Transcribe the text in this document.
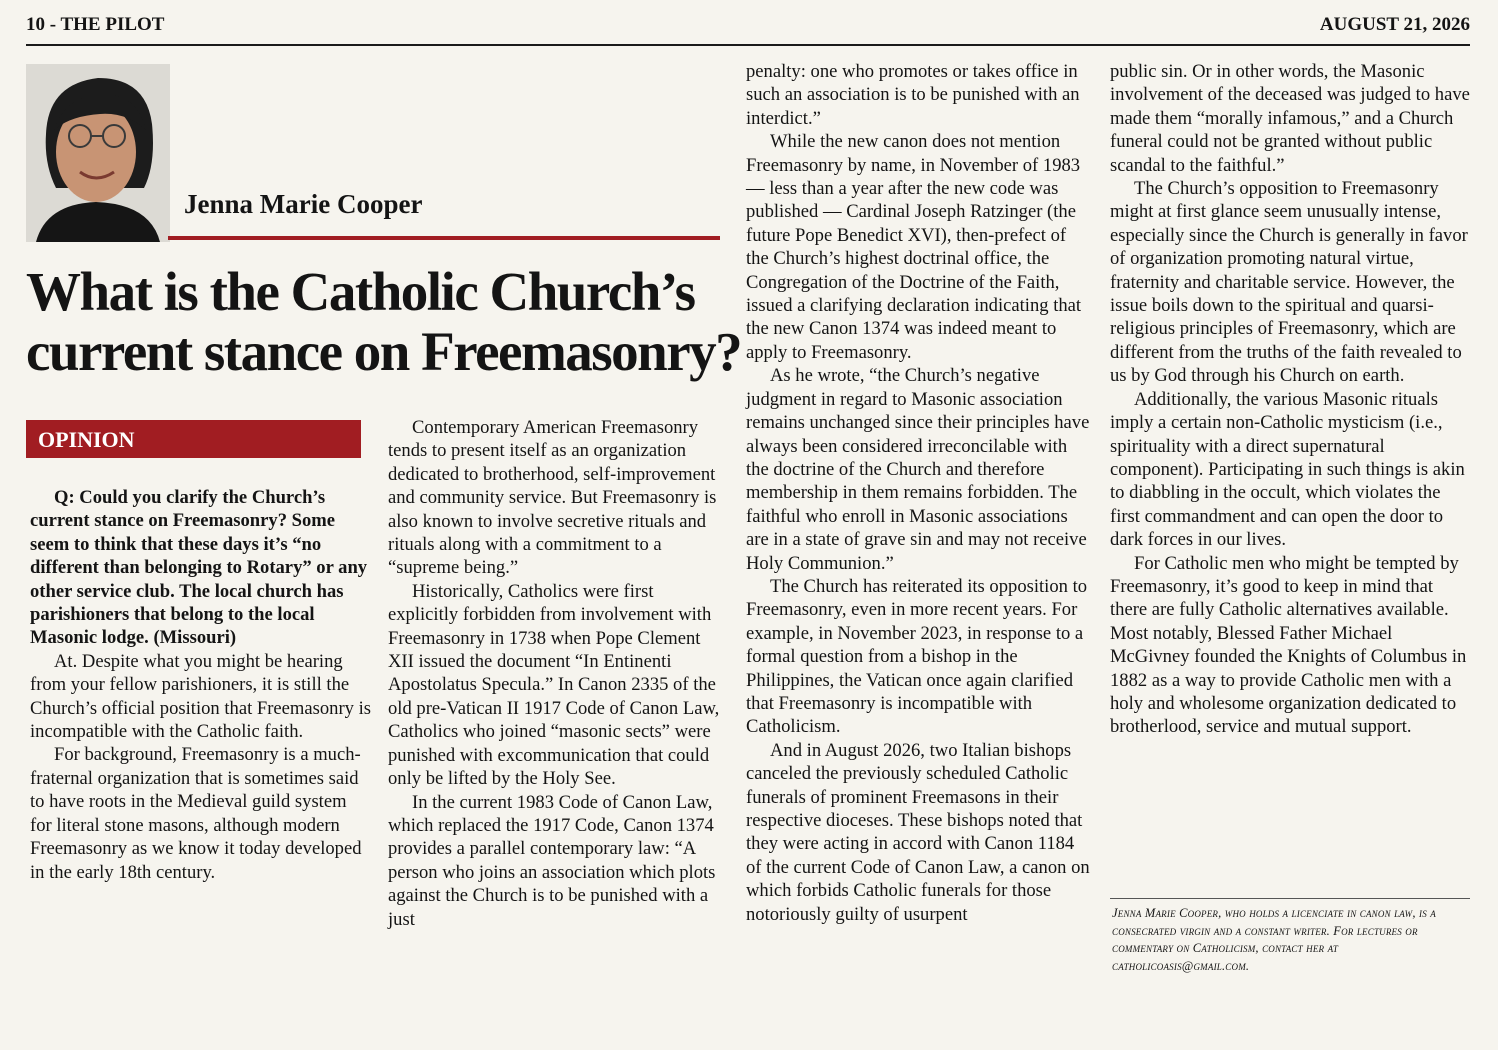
10 - THE PILOT	AUGUST 21, 2026
Jenna Marie Cooper
What is the Catholic Church’s current stance on Freemasonry?
OPINION

Q: Could you clarify the Church’s current stance on Freemasonry? Some seem to think that these days it’s “no different than belonging to Rotary” or any other service club. The local church has parishioners that belong to the local Masonic lodge. (Missouri)

At. Despite what you might be hearing from your fellow parishioners, it is still the Church’s official position that Freemasonry is incompatible with the Catholic faith.

For background, Freemasonry is a much-fraternal organization that is sometimes said to have roots in the Medieval guild system for literal stone masons, although modern Freemasonry as we know it today developed in the early 18th century.

Contemporary American Freemasonry tends to present itself as an organization dedicated to brotherhood, self-improvement and community service. But Freemasonry is also known to involve secretive rituals and rituals along with a commitment to a “supreme being.”

Historically, Catholics were first explicitly forbidden from involvement with Freemasonry in 1738 when Pope Clement XII issued the document “In Entinenti Apostolatus Specula.” In Canon 2335 of the old pre-Vatican II 1917 Code of Canon Law, Catholics who joined “masonic sects” were punished with excommunication that could only be lifted by the Holy See.

In the current 1983 Code of Canon Law, which replaced the 1917 Code, Canon 1374 provides a parallel contemporary law: “A person who joins an association which plots against the Church is to be punished with a just

penalty: one who promotes or takes office in such an association is to be punished with an interdict.”

While the new canon does not mention Freemasonry by name, in November of 1983 — less than a year after the new code was published — Cardinal Joseph Ratzinger (the future Pope Benedict XVI), then-prefect of the Church’s highest doctrinal office, the Congregation of the Doctrine of the Faith, issued a clarifying declaration indicating that the new Canon 1374 was indeed meant to apply to Freemasonry.

As he wrote, “the Church’s negative judgment in regard to Masonic association remains unchanged since their principles have always been considered irreconcilable with the doctrine of the Church and therefore membership in them remains forbidden. The faithful who enroll in Masonic associations are in a state of grave sin and may not receive Holy Communion.”

The Church has reiterated its opposition to Freemasonry, even in more recent years. For example, in November 2023, in response to a formal question from a bishop in the Philippines, the Vatican once again clarified that Freemasonry is incompatible with Catholicism.

And in August 2026, two Italian bishops canceled the previously scheduled Catholic funerals of prominent Freemasons in their respective dioceses. These bishops noted that they were acting in accord with Canon 1184 of the current Code of Canon Law, a canon on which forbids Catholic funerals for those notoriously guilty of usurpent

public sin. Or in other words, the Masonic involvement of the deceased was judged to have made them “morally infamous,” and a Church funeral could not be granted without public scandal to the faithful.”

The Church’s opposition to Freemasonry might at first glance seem unusually intense, especially since the Church is generally in favor of organization promoting natural virtue, fraternity and charitable service. However, the issue boils down to the spiritual and quarsi-religious principles of Freemasonry, which are different from the truths of the faith revealed to us by God through his Church on earth.

Additionally, the various Masonic rituals imply a certain non-Catholic mysticism (i.e., spirituality with a direct supernatural component). Participating in such things is akin to diabbling in the occult, which violates the first commandment and can open the door to dark forces in our lives.

For Catholic men who might be tempted by Freemasonry, it’s good to keep in mind that there are fully Catholic alternatives available. Most notably, Blessed Father Michael McGivney founded the Knights of Columbus in 1882 as a way to provide Catholic men with a holy and wholesome organization dedicated to brotherlood, service and mutual support.

Jenna Marie Cooper, who holds a licenciate in canon law, is a consecrated virgin and a constant writer. For lectures or commentary on Catholicism, contact her at catholicoasis@gmail.com.
